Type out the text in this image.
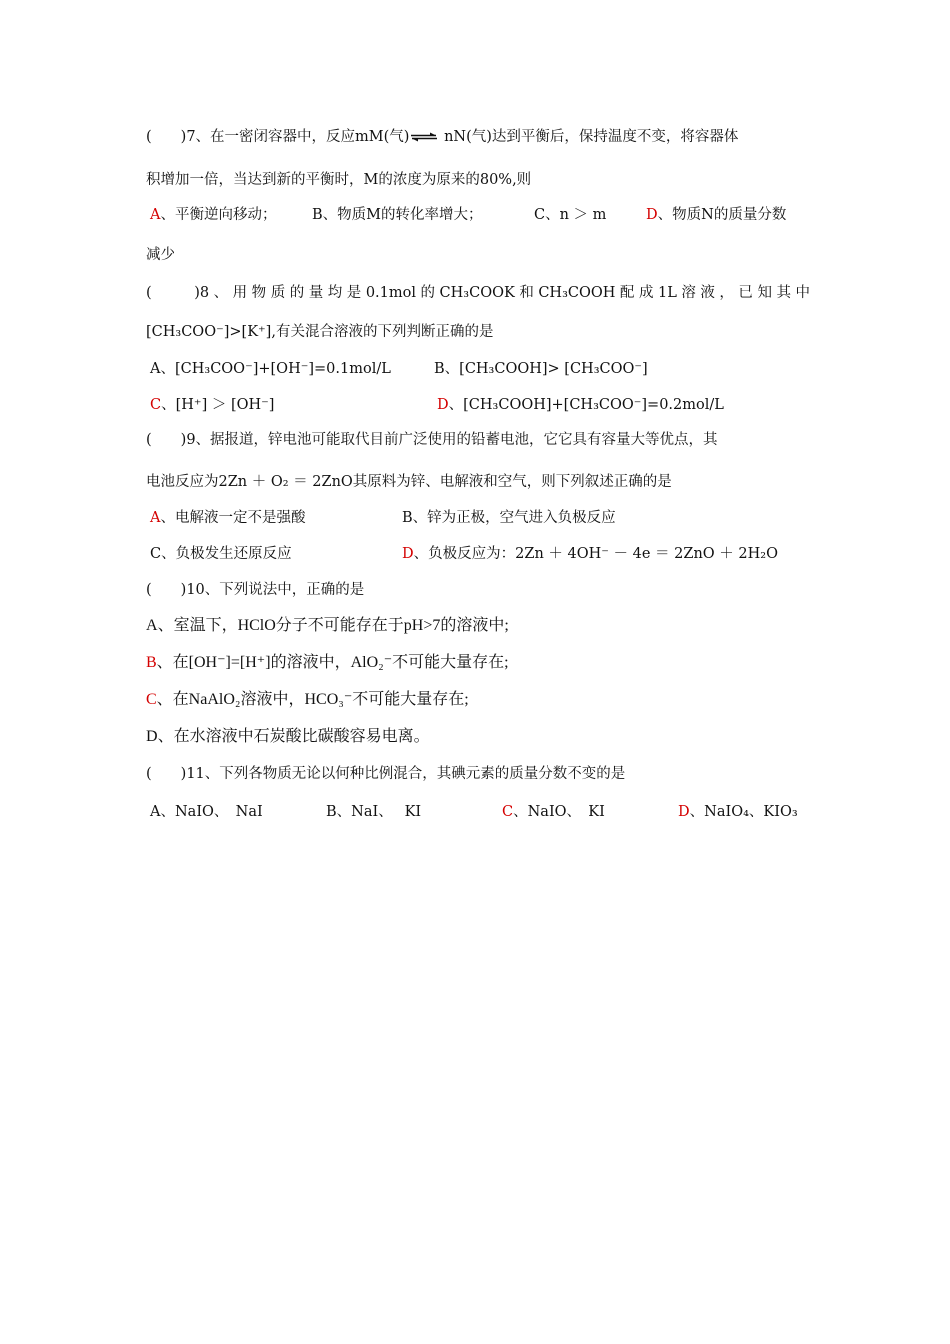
(　　)7、在一密闭容器中，反应mM(气)⇌ nN(气)达到平衡后，保持温度不变，将容器体
积增加一倍，当达到新的平衡时，M的浓度为原来的80%,则
A、平衡逆向移动； B、物质M的转化率增大；	C、n ＞ m	D、物质N的质量分数
减少
(　　)8、用物质的量均是0.1mol的CH₃COOK和CH₃COOH配成1L溶液，已知其中
[CH₃COO⁻]>[K⁺],有关混合溶液的下列判断正确的是
A、[CH₃COO⁻]+[OH⁻]=0.1mol/L	B、[CH₃COOH]> [CH₃COO⁻]
C、[H⁺] ＞ [OH⁻]	D、[CH₃COOH]+[CH₃COO⁻]=0.2mol/L
(　　)9、据报道，锌电池可能取代目前广泛使用的铅蓄电池，它它具有容量大等优点，其
电池反应为2Zn ＋ O₂ ＝ 2ZnO其原料为锌、电解液和空气，则下列叙述正确的是
A、电解液一定不是强酸	B、锌为正极，空气进入负极反应
C、负极发生还原反应	D、负极反应为：2Zn ＋ 4OH⁻ － 4e ＝ 2ZnO ＋ 2H₂O
(　　)10、下列说法中，正确的是
A、室温下，HClO分子不可能存在于pH>7的溶液中;
B、在[OH⁻]=[H⁺]的溶液中，AlO₂⁻不可能大量存在;
C、在NaAlO₂溶液中，HCO₃⁻不可能大量存在;
D、在水溶液中石炭酸比碳酸容易电离。
(　　)11、下列各物质无论以何种比例混合，其碘元素的质量分数不变的是
A、NaIO、　NaI	B、NaI、　 KI	C、NaIO、　KI	D、NaIO₄、KIO₃
